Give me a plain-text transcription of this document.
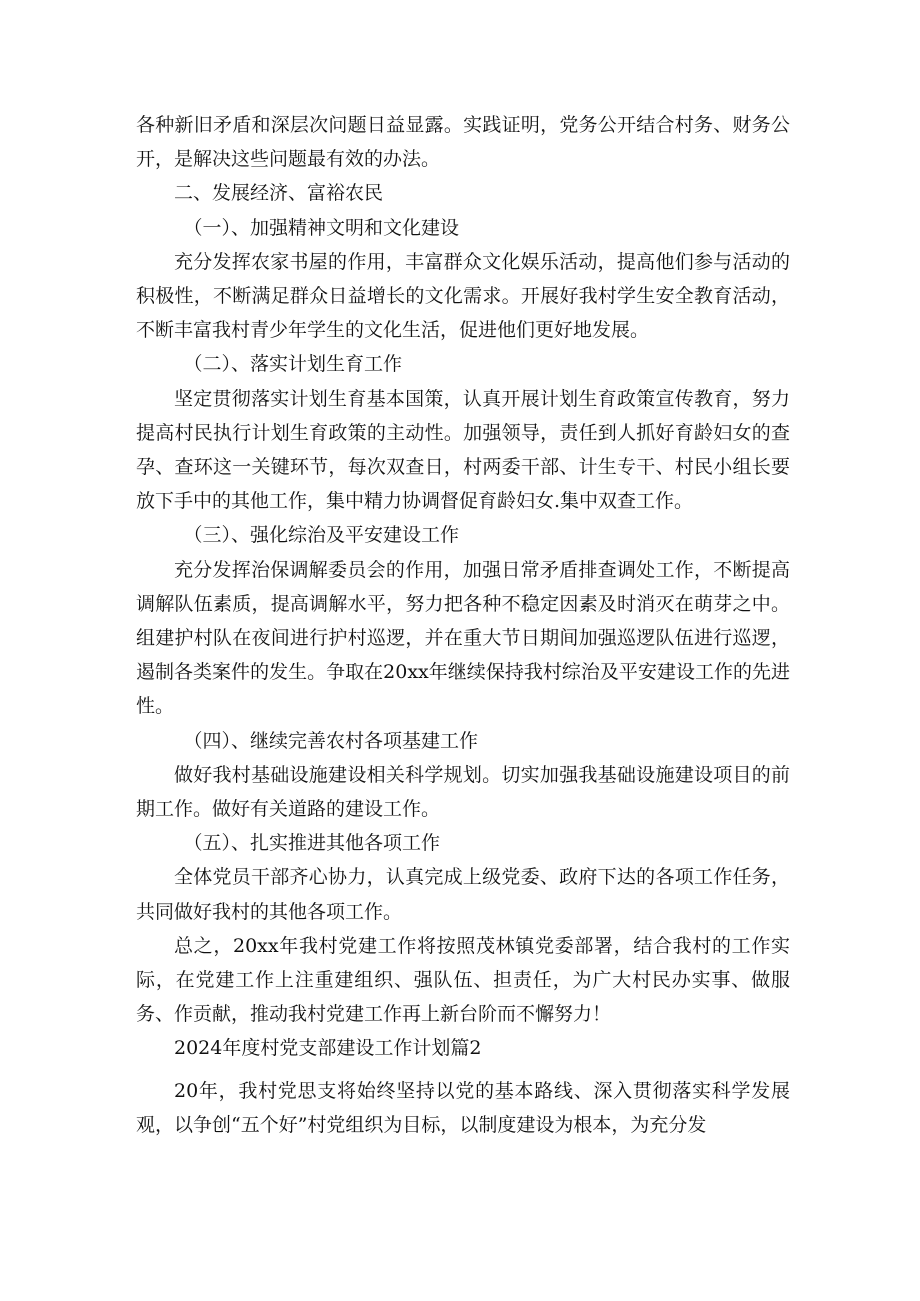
各种新旧矛盾和深层次问题日益显露。实践证明，党务公开结合村务、财务公开，是解决这些问题最有效的办法。

二、发展经济、富裕农民

（一）、加强精神文明和文化建设

充分发挥农家书屋的作用，丰富群众文化娱乐活动，提高他们参与活动的积极性，不断满足群众日益增长的文化需求。开展好我村学生安全教育活动，不断丰富我村青少年学生的文化生活，促进他们更好地发展。

（二）、落实计划生育工作

坚定贯彻落实计划生育基本国策，认真开展计划生育政策宣传教育，努力提高村民执行计划生育政策的主动性。加强领导，责任到人抓好育龄妇女的查孕、查环这一关键环节，每次双查日，村两委干部、计生专干、村民小组长要放下手中的其他工作，集中精力协调督促育龄妇女.集中双查工作。

（三）、强化综治及平安建设工作

充分发挥治保调解委员会的作用，加强日常矛盾排查调处工作，不断提高调解队伍素质，提高调解水平，努力把各种不稳定因素及时消灭在萌芽之中。组建护村队在夜间进行护村巡逻，并在重大节日期间加强巡逻队伍进行巡逻，遏制各类案件的发生。争取在20xx年继续保持我村综治及平安建设工作的先进性。

（四）、继续完善农村各项基建工作

做好我村基础设施建设相关科学规划。切实加强我基础设施建设项目的前期工作。做好有关道路的建设工作。

（五）、扎实推进其他各项工作

全体党员干部齐心协力，认真完成上级党委、政府下达的各项工作任务，共同做好我村的其他各项工作。

总之，20xx年我村党建工作将按照茂林镇党委部署，结合我村的工作实际，在党建工作上注重建组织、强队伍、担责任，为广大村民办实事、做服务、作贡献，推动我村党建工作再上新台阶而不懈努力！

2024年度村党支部建设工作计划篇2

20年，我村党思支将始终坚持以党的基本路线、深入贯彻落实科学发展观，以争创“五个好”村党组织为目标，以制度建设为根本，为充分发
